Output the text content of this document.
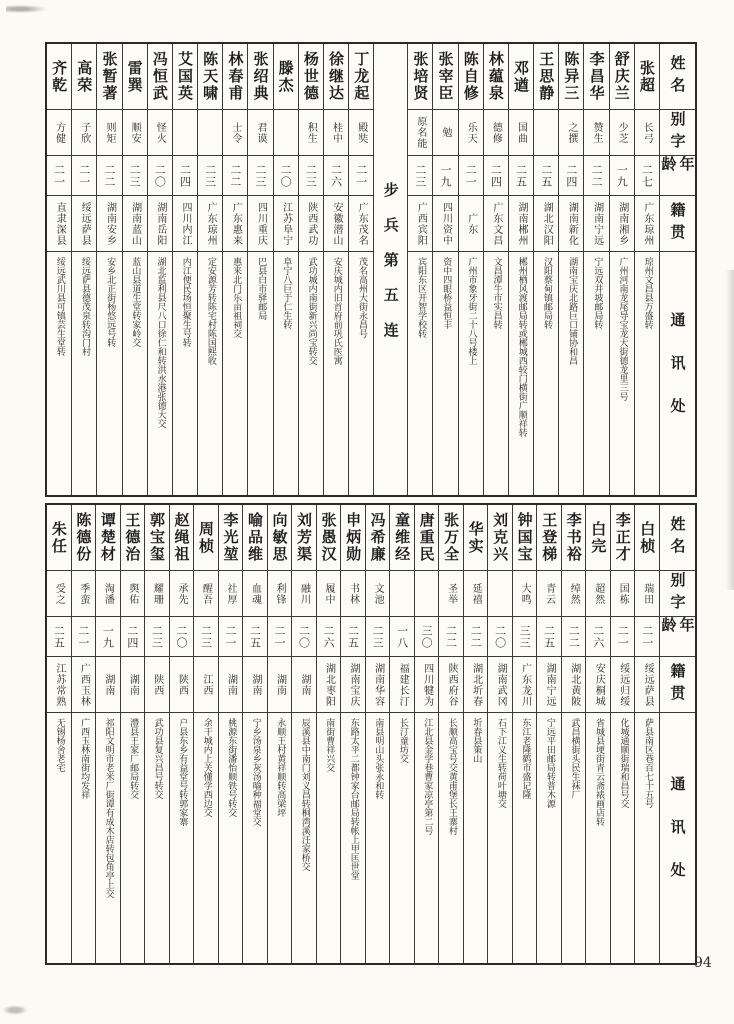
姓名
别字
年龄
籍贯
通讯处
张超
长弓
二七
广东琼州
琼州文昌县万盛转
舒庆兰
少芝
一九
湖南湘乡
广州河南龙尾导宝龙大街德龙里三号
李昌华
赞生
二二
湖南宁远
宁远双井坡邮局转
陈异三
之撰
二四
湖南新化
湖南宝庆北路巨口铺协和昌
王思静
二五
湖北汉阳
汉阳蔡甸镇邮局转
邓遒
国曲
二五
湖南郴州
郴州栖风渡邮局转或郴城西较门横街广顺祥转
林蕴泉
德修
二四
广东文昌
文昌潭牛市实昌转
陈自修
乐天
二一
广东
广州市象牙街二十八号楼上
张宰臣
勉
一九
四川资中
资中四眼桥益恒丰
张培贤
原名能
二三
广西宾阳
宾阳东区开智学校转
步兵第五连
丁龙起
殿奘
二一
广东茂名
茂名高州大街永昌号
徐继达
桂中
二六
安徽潜山
安庆城内旧首府前巩氏医寓
杨世德
积生
二三
陕西武功
武功城内南街新兴尚宝转交
滕杰
二〇
江苏阜宁
阜宁八巨于仁生转
张绍典
君谟
二三
四川重庆
巴县白市驿邮局
林春甫
士令
二二
广东惠来
惠来北门乐亩祖祠交
陈天啸
二三
广东琼州
定安源芳转陈宅村陈国熙收
艾国英
二四
四川内江
内江便民场恒聚生号转
冯恒武
怪火
二〇
湖南岳阳
湖北监利县尺八口徐仁和转洪水港张德大交
雷巽
顺安
二三
湖南蓝山
蓝山县道生堂转家岭交
张暂著
则矩
二二
湖南安乡
安乡北正街杨悠远号转
高荣
子欣
二一
绥远萨县
绥远萨县德茂泉转沟门村
齐乾
方健
二一
直隶深县
绥远武川县可镇芸生堂转
姓名
别字
年龄
籍贯
通讯处
白桢
瑞田
二一
绥远萨县
萨县南区巷百七十五号
李正才
国栋
二一
绥远归绥
化城通顺街瑞和昌号交
白完
超然
二六
安庆桐城
省城县埂街青云斋裱画店转
李书裕
绰然
二二
湖北黄陂
武昌横街头民生袜厂
王登梯
青云
二五
湖南宁远
宁远平田邮局转普木源
钟国宝
大鸣
三三
广东龙川
东江老隆鹤市盛记隆
刘克兴
二〇
湖南武冈
石下江义生转荷叶塘交
华实
延禧
二二
湖北圻春
圻春县策山
张万全
圣举
二二
陕西府谷
长顺高宝号交黄甫堡长王寨村
唐重民
三〇
四川犍为
江北县金学巷曹家凉亭第二号
童维经
一八
福建长汀
长汀童坊交
冯希廉
文池
二三
湖南华容
南县明山头张永和转
申炳勋
书林
二五
湖南宝庆
东路太平二都钟家台邮局转帐上甲匡世堂
张愚汉
履中
二六
湖北枣阳
南街曹祥兴交
刘芳渠
融川
二〇
湖南
辰溪县中南门刘义昌转桐湾溪汪家桥交
向敏思
利锋
二一
湖南
永顺王村黄祥顺转高梁坪
喻品维
血魂
二五
湖南
宁乡汤泉乡灰汤喻种福堂交
李光堃
社厚
二一
湖南
桃源东街潘怡顺铁号转交
周桢
醒吾
二三
江西
余干城内上关懂学西边交
赵绳祖
承先
二〇
陕西
户县东乡有益堂号转郭家寨
郭宝玺
耀珊
二三
陕西
武功县复兴昌号转交
王德治
舆佑
二四
湖南
澧县王家厂邮局转交
谭楚材
淘潘
一九
湖南
祁阳文明市老米厂街谭有成木店转包角亭上交
陈德份
季蛮
二一
广西玉林
广西玉林南街均发祥
朱任
受之
二五
江苏常熟
无锡杨舍老宅
94
